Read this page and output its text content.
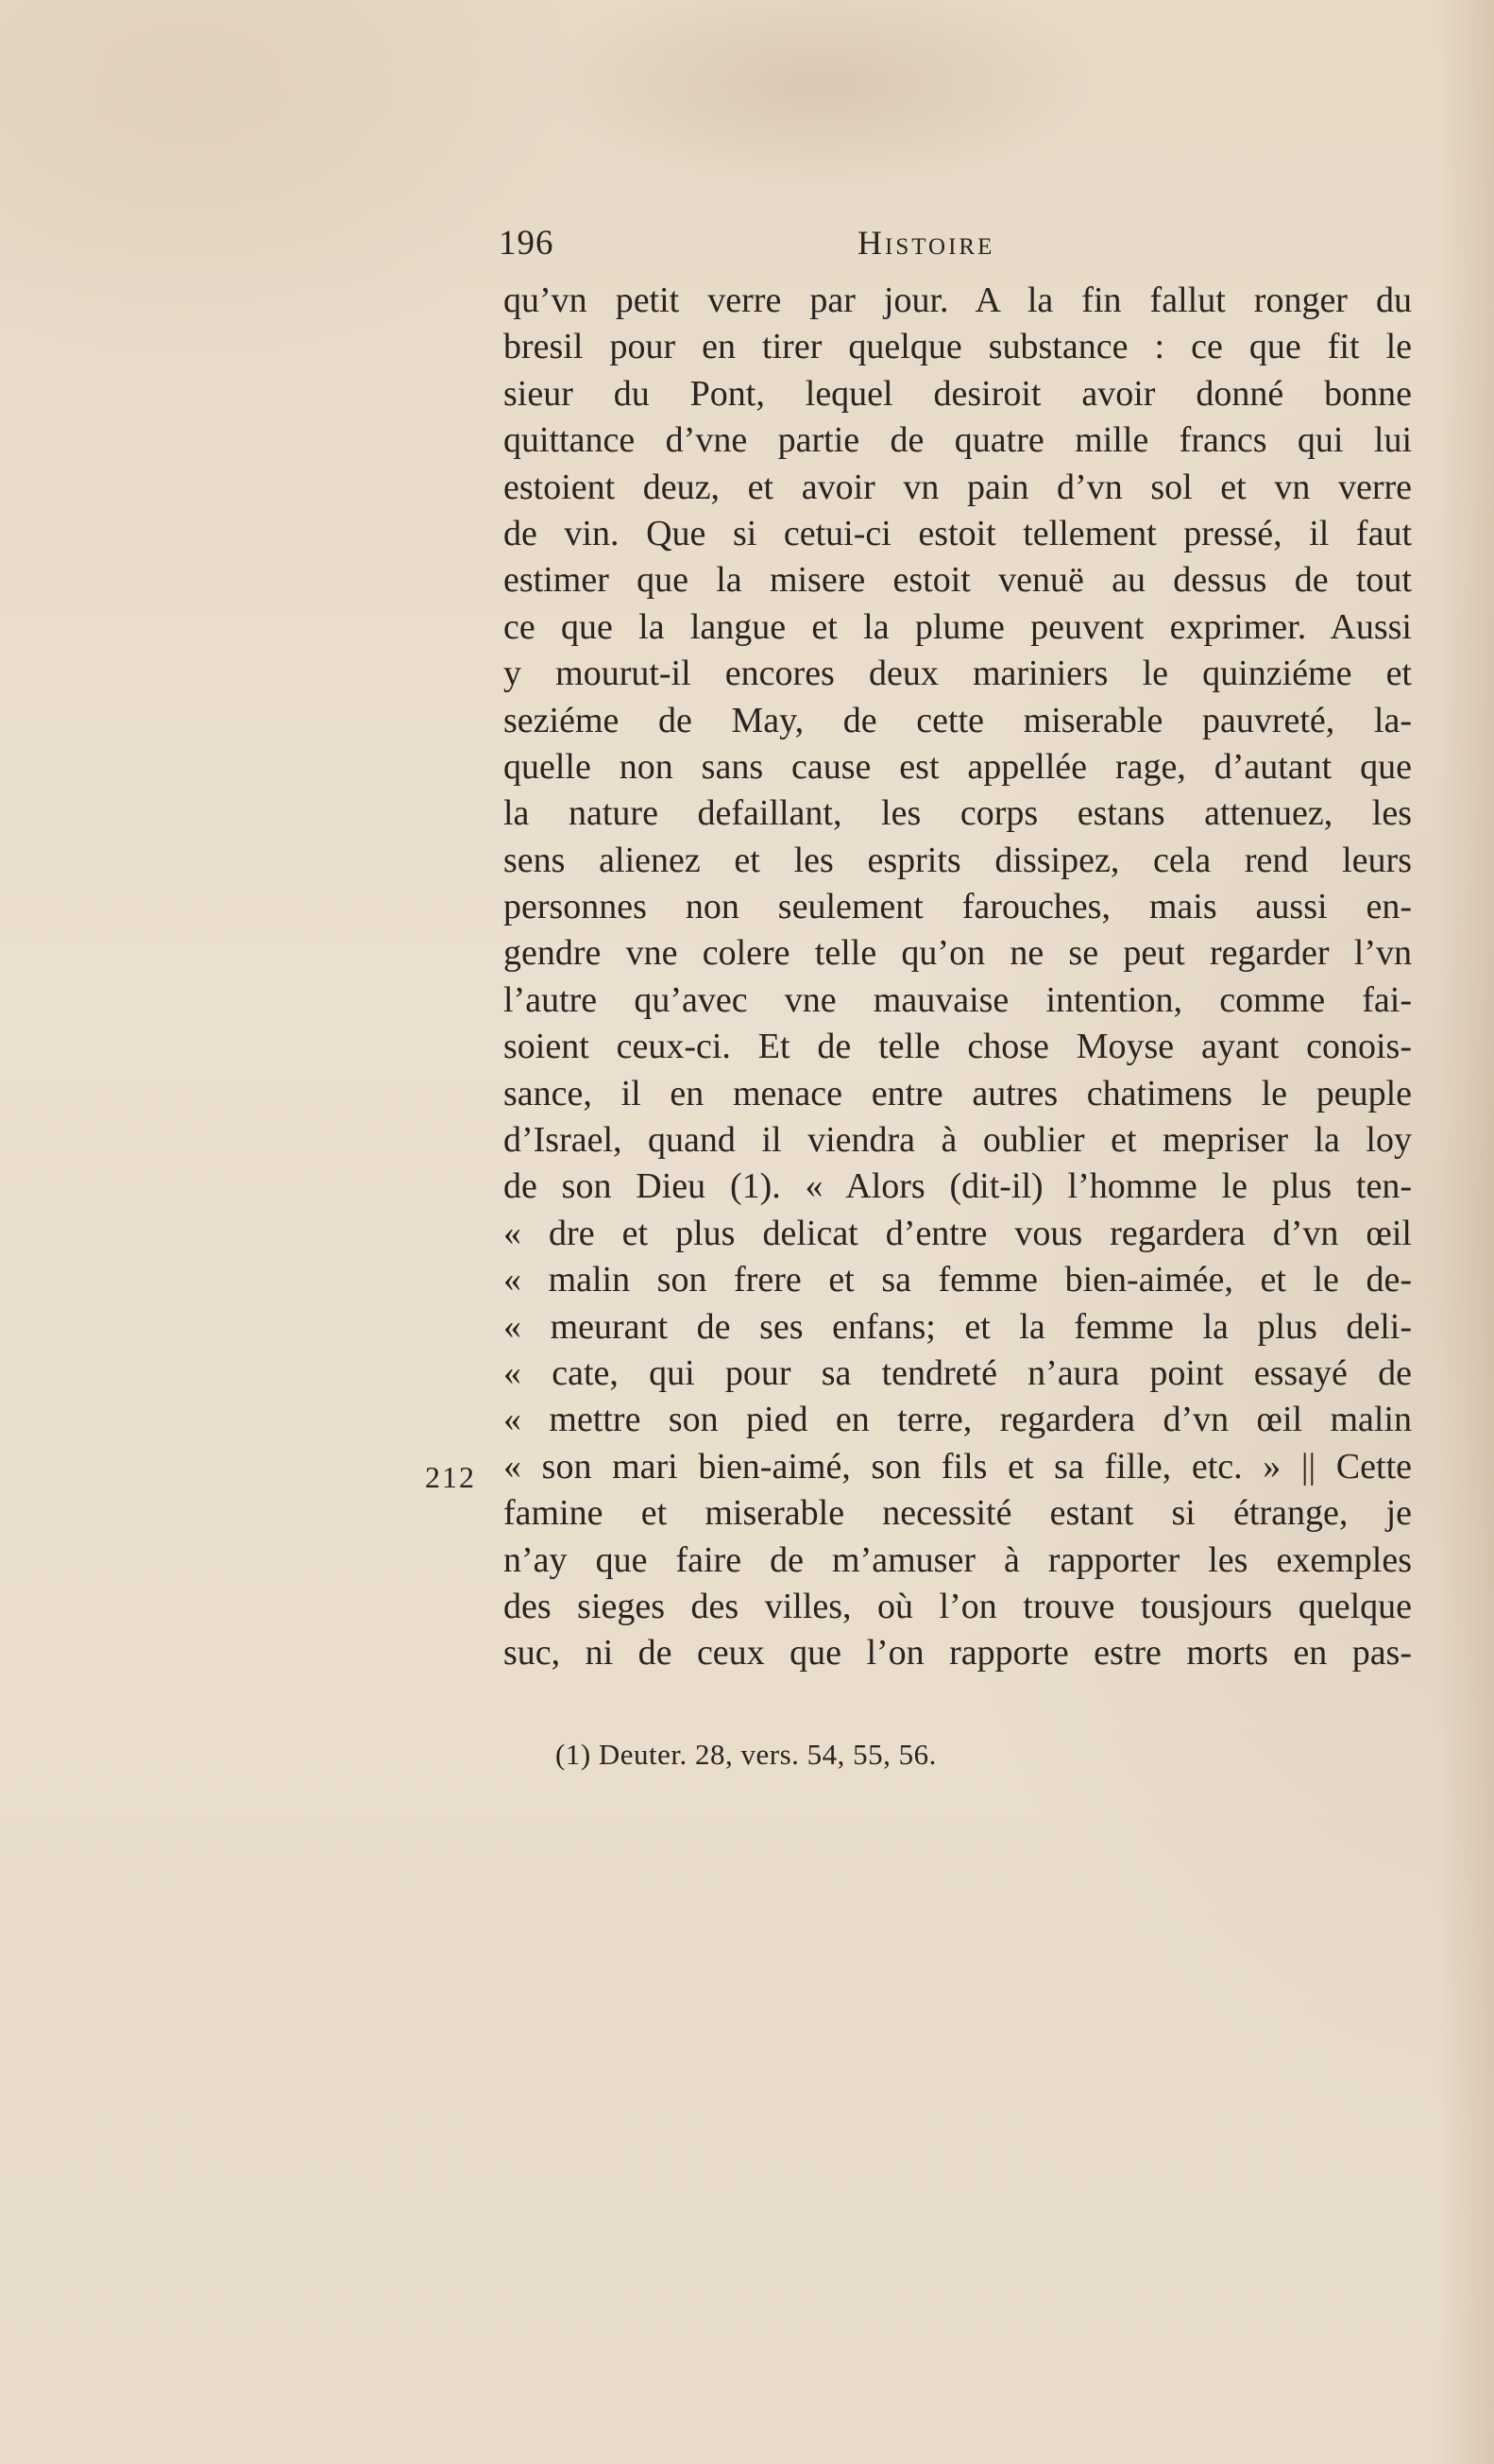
196	Histoire
qu’vn petit verre par jour. A la fin fallut ronger du
bresil pour en tirer quelque substance : ce que fit le
sieur du Pont, lequel desiroit avoir donné bonne
quittance d’vne partie de quatre mille francs qui lui
estoient deuz, et avoir vn pain d’vn sol et vn verre
de vin. Que si cetui-ci estoit tellement pressé, il faut
estimer que la misere estoit venuë au dessus de tout
ce que la langue et la plume peuvent exprimer. Aussi
y mourut-il encores deux mariniers le quinziéme et
seziéme de May, de cette miserable pauvreté, la-
quelle non sans cause est appellée rage, d’autant que
la nature defaillant, les corps estans attenuez, les
sens alienez et les esprits dissipez, cela rend leurs
personnes non seulement farouches, mais aussi en-
gendre vne colere telle qu’on ne se peut regarder l’vn
l’autre qu’avec vne mauvaise intention, comme fai-
soient ceux-ci. Et de telle chose Moyse ayant conois-
sance, il en menace entre autres chatimens le peuple
d’Israel, quand il viendra à oublier et mepriser la loy
de son Dieu (1). « Alors (dit-il) l’homme le plus ten-
« dre et plus delicat d’entre vous regardera d’vn œil
« malin son frere et sa femme bien-aimée, et le de-
« meurant de ses enfans; et la femme la plus deli-
« cate, qui pour sa tendreté n’aura point essayé de
« mettre son pied en terre, regardera d’vn œil malin
« son mari bien-aimé, son fils et sa fille, etc. » || Cette
famine et miserable necessité estant si étrange, je
n’ay que faire de m’amuser à rapporter les exemples
des sieges des villes, où l’on trouve tousjours quelque
suc, ni de ceux que l’on rapporte estre morts en pas-
212
(1) Deuter. 28, vers. 54, 55, 56.
